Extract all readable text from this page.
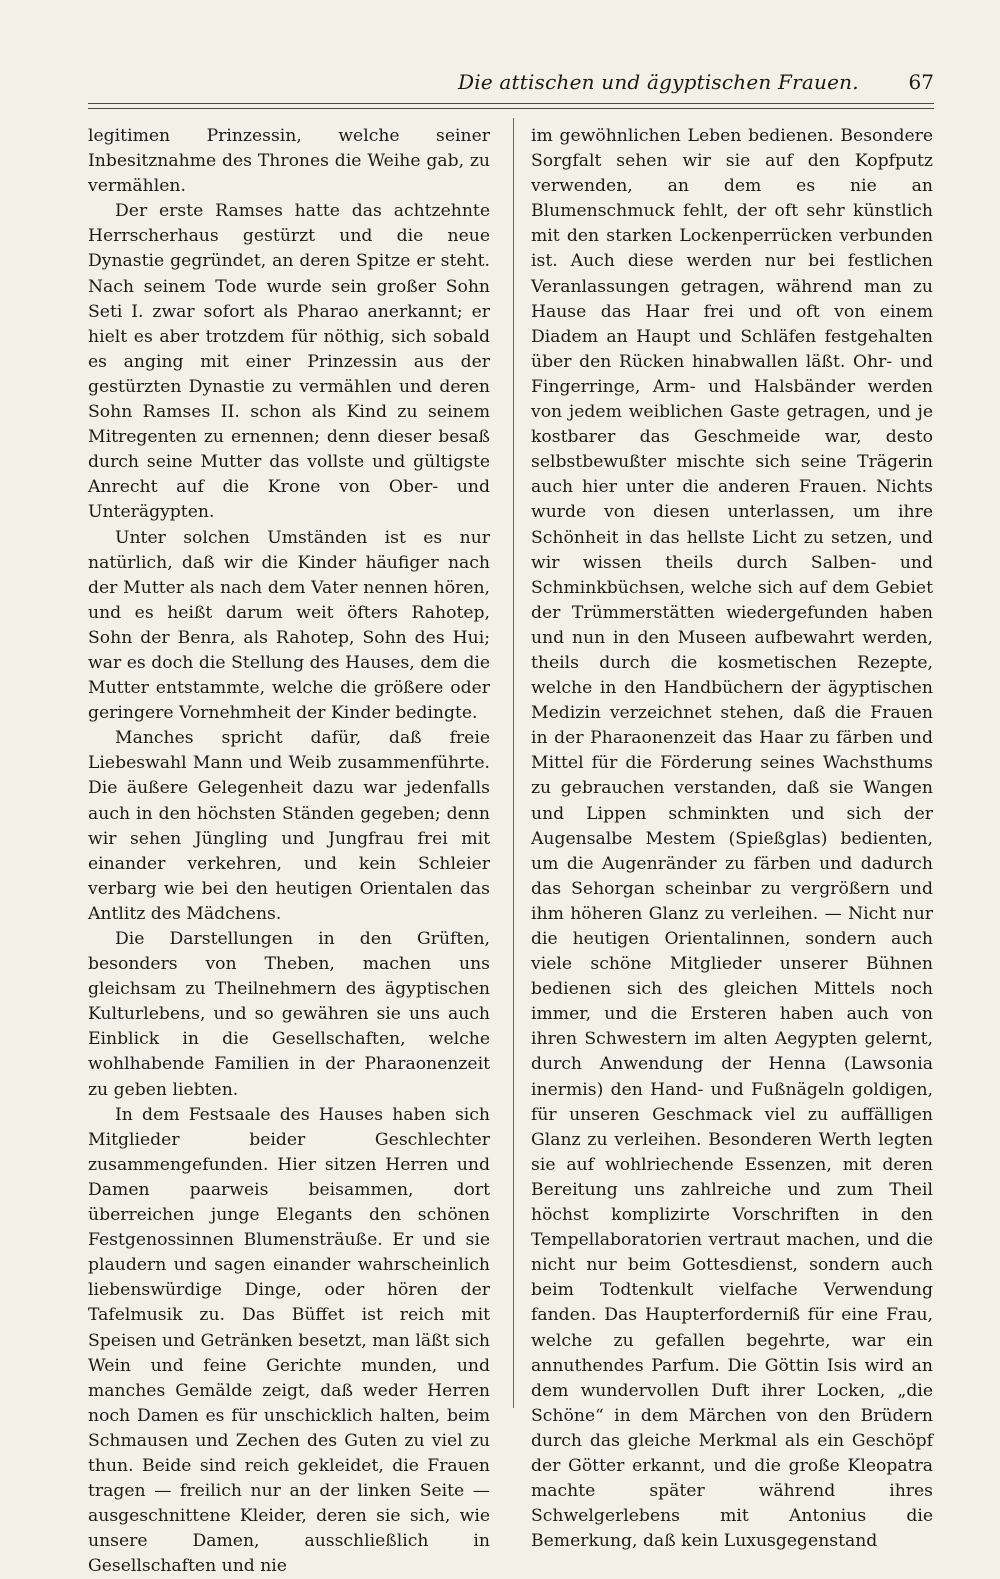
Die attischen und ägyptischen Frauen. 67

legitimen Prinzessin, welche seiner Inbesitznahme des Thrones die Weihe gab, zu vermählen.

Der erste Ramses hatte das achtzehnte Herrscherhaus gestürzt und die neue Dynastie gegründet, an deren Spitze er steht. Nach seinem Tode wurde sein großer Sohn Seti I. zwar sofort als Pharao anerkannt; er hielt es aber trotzdem für nöthig, sich sobald es anging mit einer Prinzessin aus der gestürzten Dynastie zu vermählen und deren Sohn Ramses II. schon als Kind zu seinem Mitregenten zu ernennen; denn dieser besaß durch seine Mutter das vollste und gültigste Anrecht auf die Krone von Ober- und Unterägypten.

Unter solchen Umständen ist es nur natürlich, daß wir die Kinder häufiger nach der Mutter als nach dem Vater nennen hören, und es heißt darum weit öfters Rahotep, Sohn der Benra, als Rahotep, Sohn des Hui; war es doch die Stellung des Hauses, dem die Mutter entstammte, welche die größere oder geringere Vornehmheit der Kinder bedingte.

Manches spricht dafür, daß freie Liebeswahl Mann und Weib zusammenführte. Die äußere Gelegenheit dazu war jedenfalls auch in den höchsten Ständen gegeben; denn wir sehen Jüngling und Jungfrau frei mit einander verkehren, und kein Schleier verbarg wie bei den heutigen Orientalen das Antlitz des Mädchens.

Die Darstellungen in den Grüften, besonders von Theben, machen uns gleichsam zu Theilnehmern des ägyptischen Kulturlebens, und so gewähren sie uns auch Einblick in die Gesellschaften, welche wohlhabende Familien in der Pharaonenzeit zu geben liebten.

In dem Festsaale des Hauses haben sich Mitglieder beider Geschlechter zusammengefunden. Hier sitzen Herren und Damen paarweis beisammen, dort überreichen junge Elegants den schönen Festgenossinnen Blumensträuße. Er und sie plaudern und sagen einander wahrscheinlich liebenswürdige Dinge, oder hören der Tafelmusik zu. Das Büffet ist reich mit Speisen und Getränken besetzt, man läßt sich Wein und feine Gerichte munden, und manches Gemälde zeigt, daß weder Herren noch Damen es für unschicklich halten, beim Schmausen und Zechen des Guten zu viel zu thun. Beide sind reich gekleidet, die Frauen tragen — freilich nur an der linken Seite — ausgeschnittene Kleider, deren sie sich, wie unsere Damen, ausschließlich in Gesellschaften und nie

im gewöhnlichen Leben bedienen. Besondere Sorgfalt sehen wir sie auf den Kopfputz verwenden, an dem es nie an Blumenschmuck fehlt, der oft sehr künstlich mit den starken Lockenperrücken verbunden ist. Auch diese werden nur bei festlichen Veranlassungen getragen, während man zu Hause das Haar frei und oft von einem Diadem an Haupt und Schläfen festgehalten über den Rücken hinabwallen läßt. Ohr- und Fingerringe, Arm- und Halsbänder werden von jedem weiblichen Gaste getragen, und je kostbarer das Geschmeide war, desto selbstbewußter mischte sich seine Trägerin auch hier unter die anderen Frauen. Nichts wurde von diesen unterlassen, um ihre Schönheit in das hellste Licht zu setzen, und wir wissen theils durch Salben- und Schminkbüchsen, welche sich auf dem Gebiet der Trümmerstätten wiedergefunden haben und nun in den Museen aufbewahrt werden, theils durch die kosmetischen Rezepte, welche in den Handbüchern der ägyptischen Medizin verzeichnet stehen, daß die Frauen in der Pharaonenzeit das Haar zu färben und Mittel für die Förderung seines Wachsthums zu gebrauchen verstanden, daß sie Wangen und Lippen schminkten und sich der Augensalbe Mestem (Spießglas) bedienten, um die Augenränder zu färben und dadurch das Sehorgan scheinbar zu vergrößern und ihm höheren Glanz zu verleihen. — Nicht nur die heutigen Orientalinnen, sondern auch viele schöne Mitglieder unserer Bühnen bedienen sich des gleichen Mittels noch immer, und die Ersteren haben auch von ihren Schwestern im alten Aegypten gelernt, durch Anwendung der Henna (Lawsonia inermis) den Hand- und Fußnägeln goldigen, für unseren Geschmack viel zu auffälligen Glanz zu verleihen. Besonderen Werth legten sie auf wohlriechende Essenzen, mit deren Bereitung uns zahlreiche und zum Theil höchst komplizirte Vorschriften in den Tempellaboratorien vertraut machen, und die nicht nur beim Gottesdienst, sondern auch beim Todtenkult vielfache Verwendung fanden. Das Haupterforderniß für eine Frau, welche zu gefallen begehrte, war ein annuthendes Parfum. Die Göttin Isis wird an dem wundervollen Duft ihrer Locken, „die Schöne“ in dem Märchen von den Brüdern durch das gleiche Merkmal als ein Geschöpf der Götter erkannt, und die große Kleopatra machte später während ihres Schwelgerlebens mit Antonius die Bemerkung, daß kein Luxusgegenstand
